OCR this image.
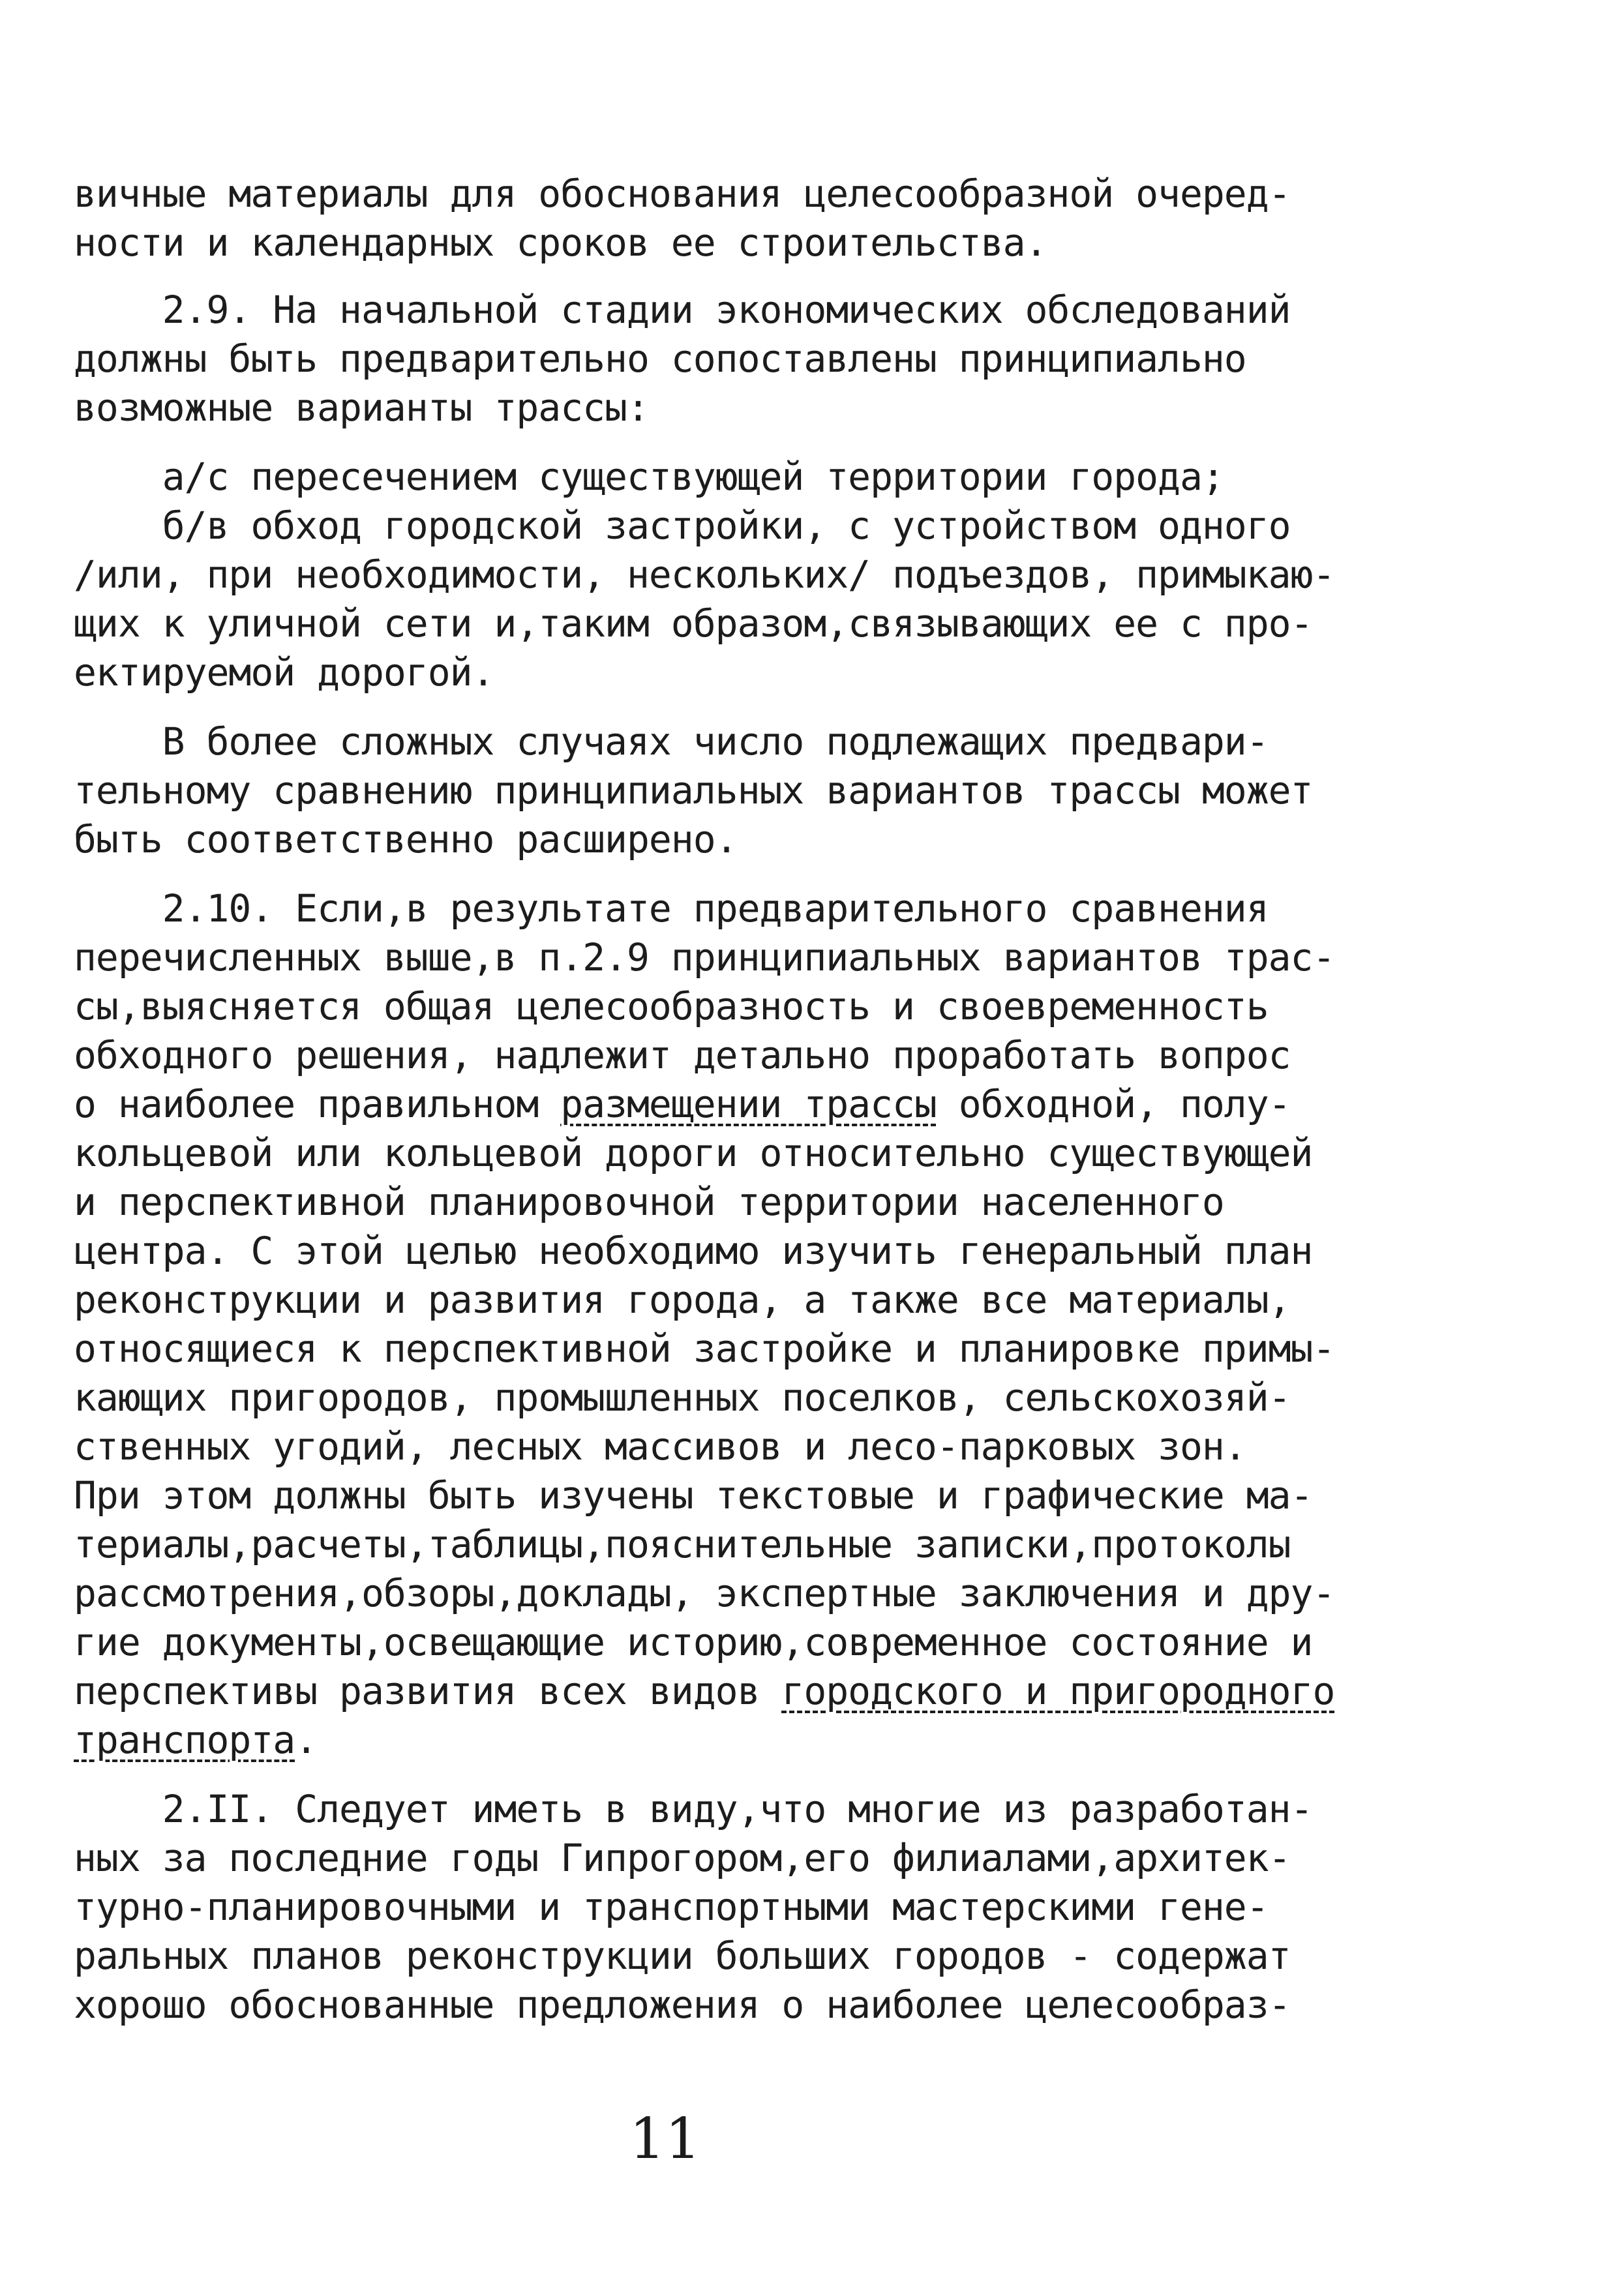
вичные материалы для обоснования целесообразной очеред-
ности и календарных сроков ее строительства.
2.9. На начальной стадии экономических обследований
должны быть предварительно сопоставлены принципиально
возможные варианты трассы:
а/с пересечением существующей территории города;
б/в обход городской застройки, с устройством одного
/или, при необходимости, нескольких/ подъездов, примыкаю-
щих к уличной сети и,таким образом,связывающих ее с про-
ектируемой дорогой.
В более сложных случаях число подлежащих предвари-
тельному сравнению принципиальных вариантов трассы может
быть соответственно расширено.
2.10. Если,в результате предварительного сравнения
перечисленных выше,в п.2.9 принципиальных вариантов трас-
сы,выясняется общая целесообразность и своевременность
обходного решения, надлежит детально проработать вопрос
о наиболее правильном размещении трассы обходной, полу-
кольцевой или кольцевой дороги относительно существующей
и перспективной планировочной территории населенного
центра. С этой целью необходимо изучить генеральный план
реконструкции и развития города, а также все материалы,
относящиеся к перспективной застройке и планировке примы-
кающих пригородов, промышленных поселков, сельскохозяй-
ственных угодий, лесных массивов и лесо-парковых зон.
При этом должны быть изучены текстовые и графические ма-
териалы,расчеты,таблицы,пояснительные записки,протоколы
рассмотрения,обзоры,доклады, экспертные заключения и дру-
гие документы,освещающие историю,современное состояние и
перспективы развития всех видов городского и пригородного
транспорта.
2.II. Следует иметь в виду,что многие из разработан-
ных за последние годы Гипрогором,его филиалами,архитек-
турно-планировочными и транспортными мастерскими гене-
ральных планов реконструкции больших городов - содержат
хорошо обоснованные предложения о наиболее целесообраз-
11
